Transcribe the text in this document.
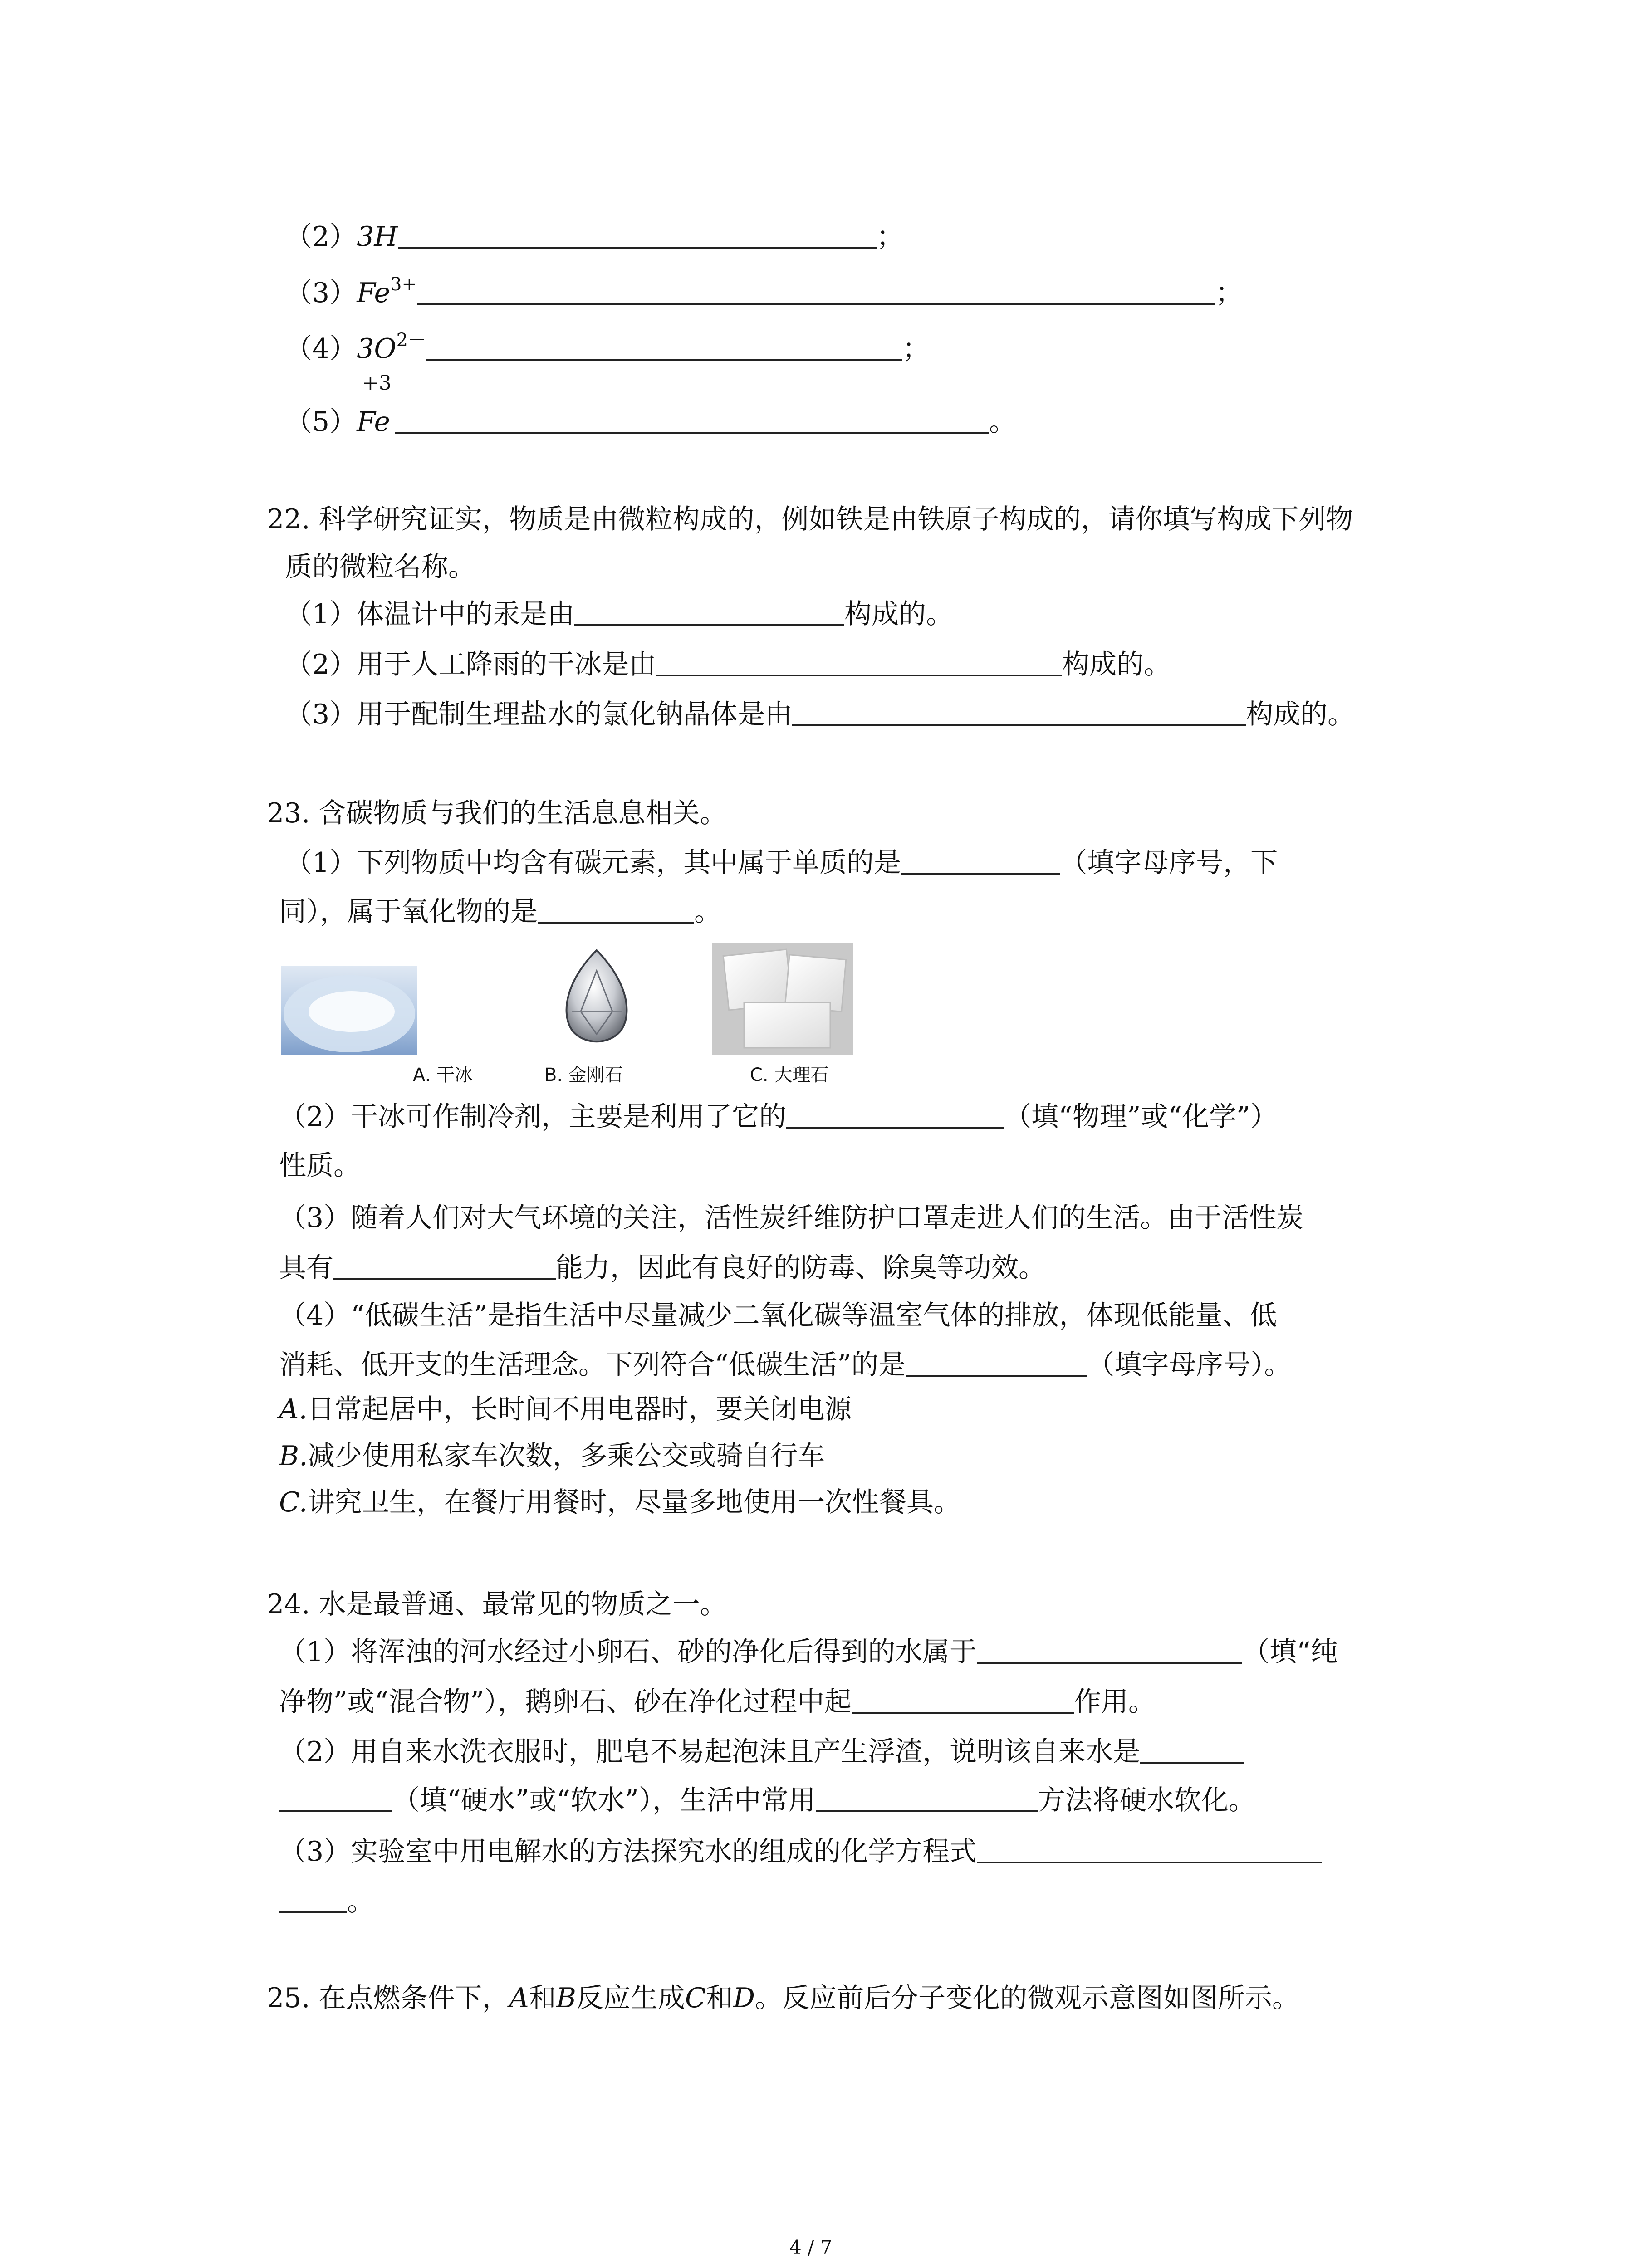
（2）3H	；
$(3)Fe^{3+}$	；
$(4)3O^{2-}$	；
+3
（5）Fe	。
22. 科学研究证实，物质是由微粒构成的，例如铁是由铁原子构成的，请你填写构成下列物
质的微粒名称。
（1）体温计中的汞是由	构成的。
（2）用于人工降雨的干冰是由	构成的。
（3）用于配制生理盐水的氯化钠晶体是由	构成的。
23. 含碳物质与我们的生活息息相关。
（1）下列物质中均含有碳元素，其中属于单质的是	（填字母序号，下
同），属于氧化物的是	。
A. 干冰	B. 金刚石	C. 大理石
（2）干冰可作制冷剂，主要是利用了它的	（填“物理”或“化学”）
性质。
（3）随着人们对大气环境的关注，活性炭纤维防护口罩走进人们的生活。由于活性炭
具有	能力，因此有良好的防毒、除臭等功效。
（4）“低碳生活”是指生活中尽量减少二氧化碳等温室气体的排放，体现低能量、低
消耗、低开支的生活理念。下列符合“低碳生活”的是	（填字母序号）。
A.日常起居中，长时间不用电器时，要关闭电源
B.减少使用私家车次数，多乘公交或骑自行车
C.讲究卫生，在餐厅用餐时，尽量多地使用一次性餐具。
24. 水是最普通、最常见的物质之一。
（1）将浑浊的河水经过小卵石、砂的净化后得到的水属于	（填“纯
净物”或“混合物”），鹅卵石、砂在净化过程中起	作用。
（2）用自来水洗衣服时，肥皂不易起泡沫且产生浮渣，说明该自来水是
（填“硬水”或“软水”），生活中常用	方法将硬水软化。
（3）实验室中用电解水的方法探究水的组成的化学方程式
。
25. 在点燃条件下，A和B反应生成C和D。反应前后分子变化的微观示意图如图所示。
4 / 7
